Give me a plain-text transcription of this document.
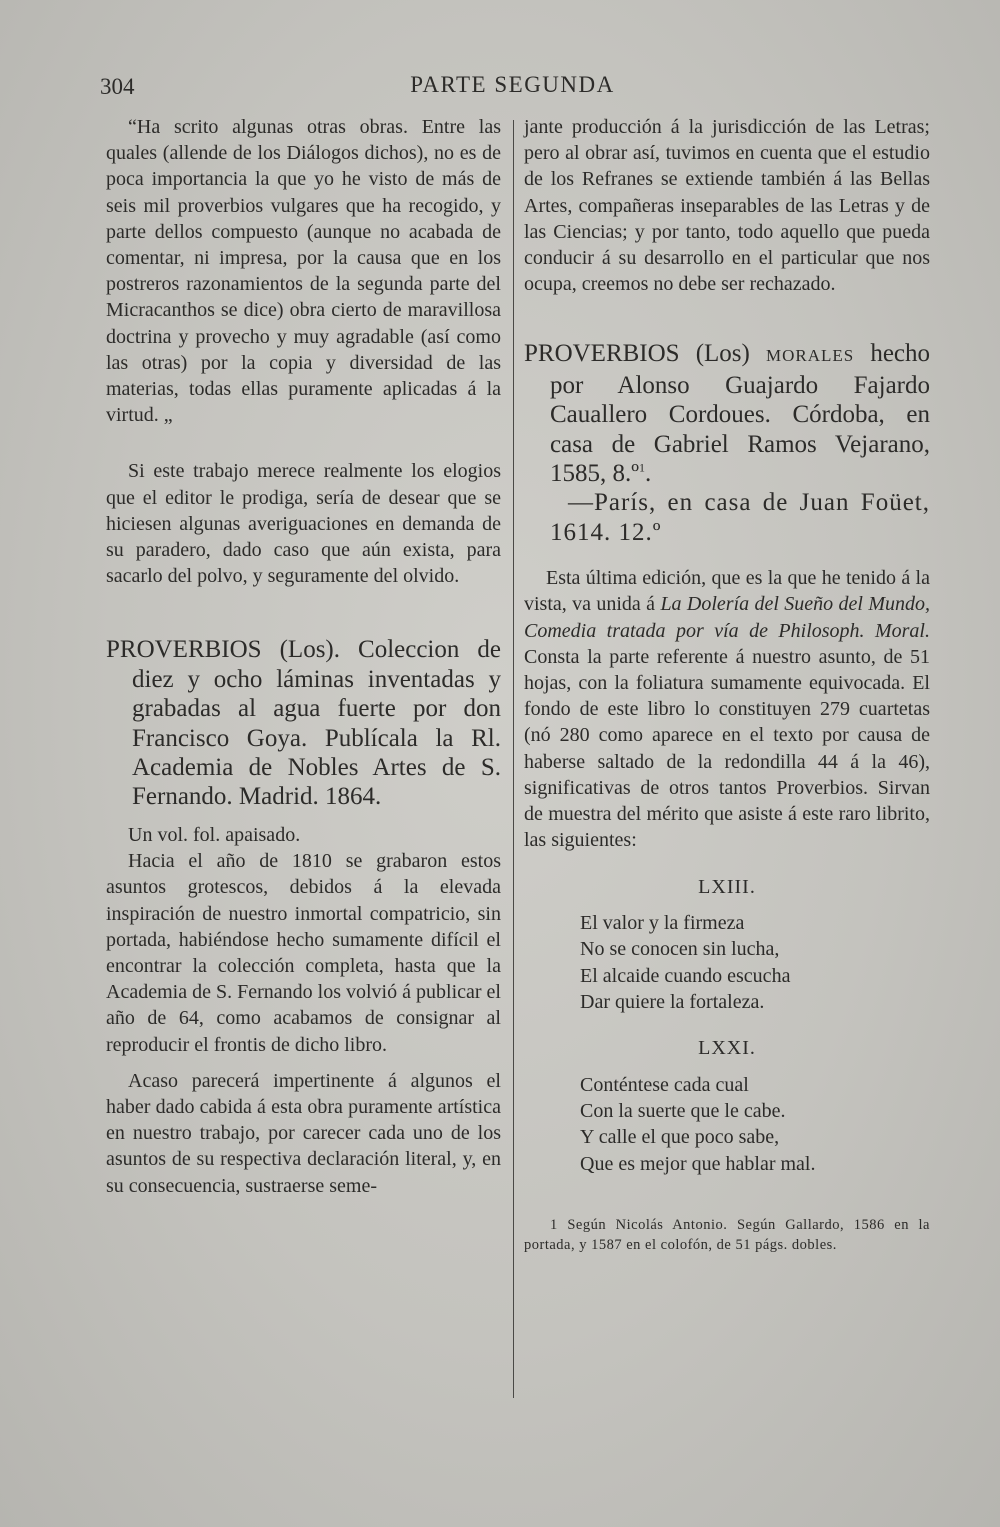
304	PARTE SEGUNDA

“Ha scrito algunas otras obras. Entre las quales (allende de los Diálogos dichos), no es de poca importancia la que yo he visto de más de seis mil proverbios vulgares que ha recogido, y parte dellos compuesto (aunque no acabada de comentar, ni impresa, por la causa que en los postreros razonamientos de la segunda parte del Micracanthos se dice) obra cierto de maravillosa doctrina y provecho y muy agradable (así como las otras) por la copia y diversidad de las materias, todas ellas puramente aplicadas á la virtud. „

Si este trabajo merece realmente los elogios que el editor le prodiga, sería de desear que se hiciesen algunas averiguaciones en demanda de su paradero, dado caso que aún exista, para sacarlo del polvo, y seguramente del olvido.

PROVERBIOS (Los). Coleccion de diez y ocho láminas inventadas y grabadas al agua fuerte por don Francisco Goya. Publícala la Rl. Academia de Nobles Artes de S. Fernando. Madrid. 1864.

Un vol. fol. apaisado.

Hacia el año de 1810 se grabaron estos asuntos grotescos, debidos á la elevada inspiración de nuestro inmortal compatricio, sin portada, habiéndose hecho sumamente difícil el encontrar la colección completa, hasta que la Academia de S. Fernando los volvió á publicar el año de 64, como acabamos de consignar al reproducir el frontis de dicho libro.

Acaso parecerá impertinente á algunos el haber dado cabida á esta obra puramente artística en nuestro trabajo, por carecer cada uno de los asuntos de su respectiva declaración literal, y, en su consecuencia, sustraerse seme-

jante producción á la jurisdicción de las Letras; pero al obrar así, tuvimos en cuenta que el estudio de los Refranes se extiende también á las Bellas Artes, compañeras inseparables de las Letras y de las Ciencias; y por tanto, todo aquello que pueda conducir á su desarrollo en el particular que nos ocupa, creemos no debe ser rechazado.

PROVERBIOS (Los) MORALES hecho por Alonso Guajardo Fajardo Cauallero Cordoues. Córdoba, en casa de Gabriel Ramos Vejarano, 1585, 8.º$^1$.

—París, en casa de Juan Foüet, 1614. 12.º

Esta última edición, que es la que he tenido á la vista, va unida á La Dolería del Sueño del Mundo, Comedia tratada por vía de Philosoph. Moral. Consta la parte referente á nuestro asunto, de 51 hojas, con la foliatura sumamente equivocada. El fondo de este libro lo constituyen 279 cuartetas (nó 280 como aparece en el texto por causa de haberse saltado de la redondilla 44 á la 46), significativas de otros tantos Proverbios. Sirvan de muestra del mérito que asiste á este raro librito, las siguientes:

LXIII.

El valor y la firmeza

No se conocen sin lucha,

El alcaide cuando escucha

Dar quiere la fortaleza.

LXXI.

Conténtese cada cual

Con la suerte que le cabe.

Y calle el que poco sabe,

Que es mejor que hablar mal.

1 Según Nicolás Antonio. Según Gallardo, 1586 en la portada, y 1587 en el colofón, de 51 págs. dobles.
